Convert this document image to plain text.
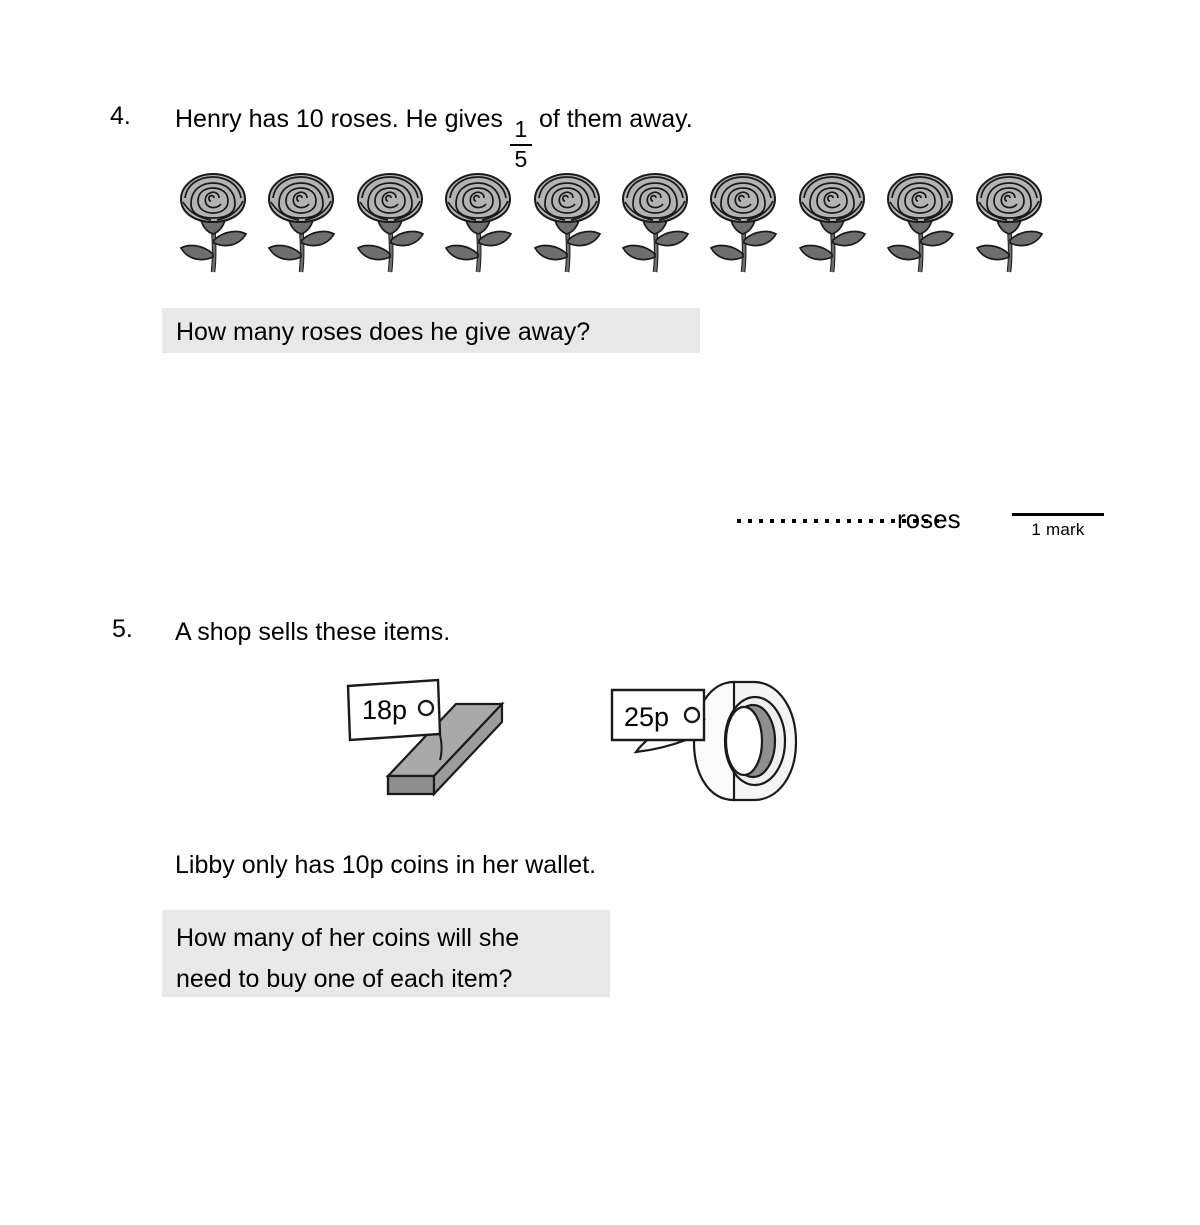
4. Henry has 10 roses. He gives $\frac{1}{5}$ of them away.
How many roses does he give away?
roses	1 mark
5. A shop sells these items.
18p	25p
Libby only has 10p coins in her wallet.
How many of her coins will she
need to buy one of each item?
